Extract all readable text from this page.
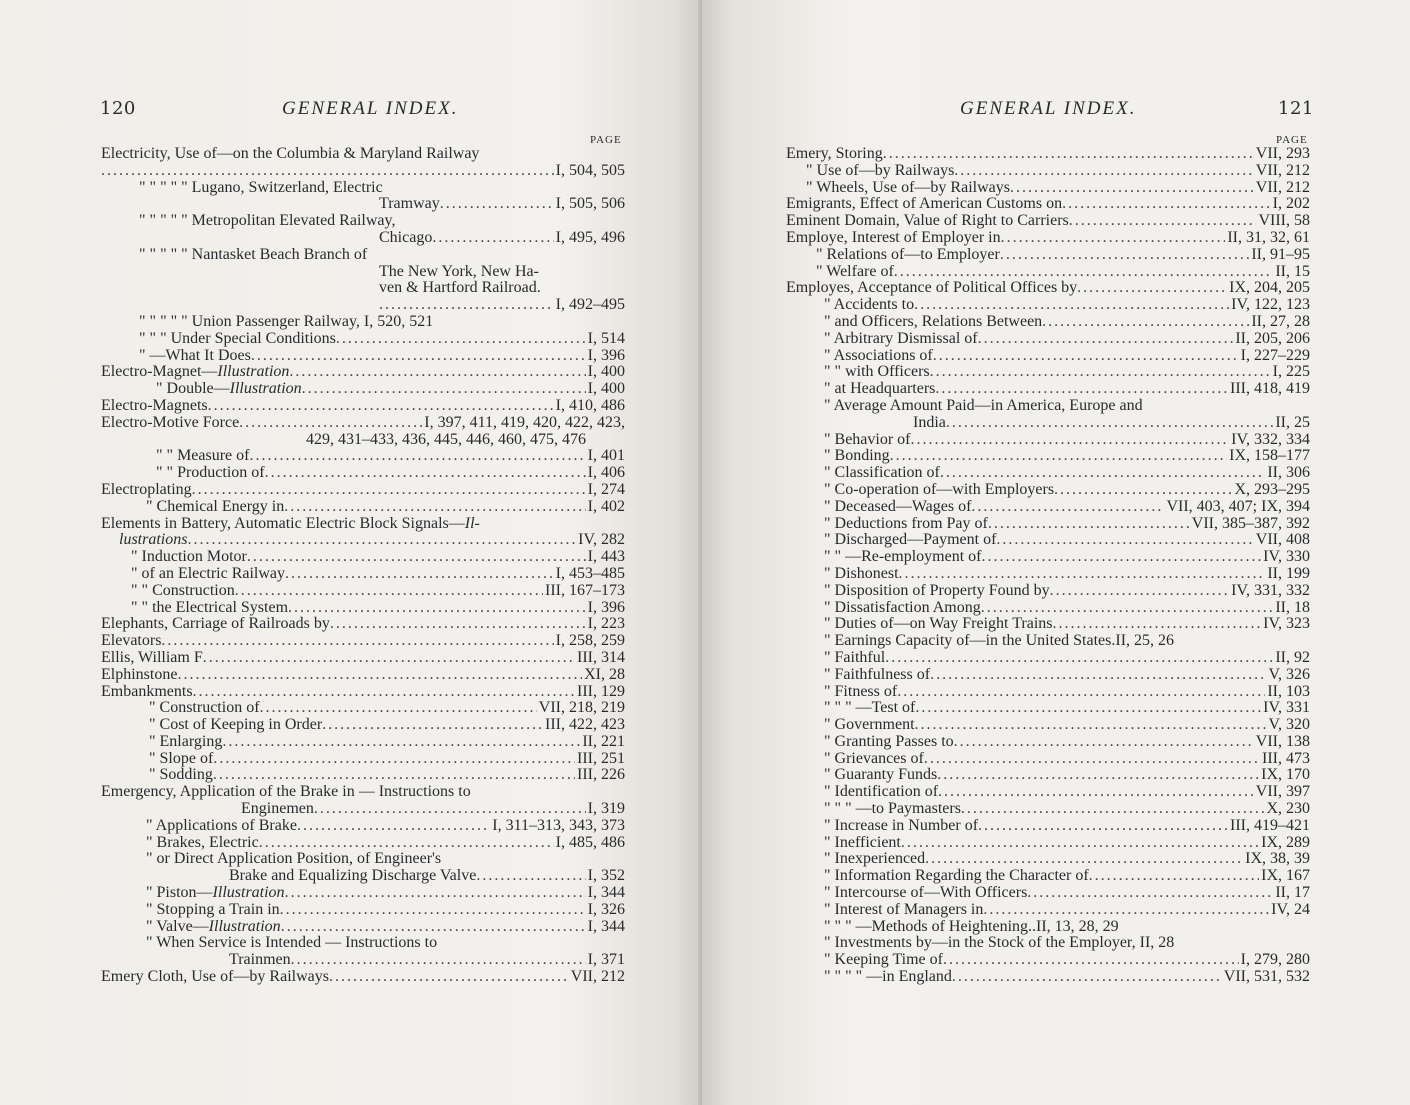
120	GENERAL INDEX.
PAGE
Electricity, Use of—on the Columbia & Maryland Railway
. . .
I, 504, 505
" " " " " Lugano, Switzerland, Electric
Tramway . . .	I, 505, 506
" " " " " Metropolitan Elevated Railway,
Chicago . . .	I, 495, 496
" " " " " Nantasket Beach Branch of
The New York, New Ha-
ven & Hartford Railroad.
. . .
I, 492–495
" " " " " Union Passenger Railway, I, 520, 521
" " " Under Special Conditions . . .	I, 514
" —What It Does . . .	I, 396
Electro-Magnet— Illustration . . .	I, 400
" Double— Illustration . . .	I, 400
Electro-Magnets . . .	I, 410, 486
Electro-Motive Force . . .	I, 397, 411, 419, 420, 422, 423,
429, 431–433, 436, 445, 446, 460, 475, 476
" " Measure of . . .	I, 401
" " Production of . . .	I, 406
Electroplating . . .	I, 274
" Chemical Energy in . . .	I, 402
Elements in Battery, Automatic Electric Block Signals—Il-
lustrations . . .	IV, 282
" Induction Motor . . .	I, 443
" of an Electric Railway . . .	I, 453–485
" " Construction . . .	III, 167–173
" " the Electrical System . . .	I, 396
Elephants, Carriage of Railroads by . . .	I, 223
Elevators . . .	I, 258, 259
Ellis, William F . . .	III, 314
Elphinstone . . .	XI, 28
Embankments . . .	III, 129
" Construction of . . .	VII, 218, 219
" Cost of Keeping in Order . . .	III, 422, 423
" Enlarging . . .	II, 221
" Slope of . . .	III, 251
" Sodding . . .	III, 226
Emergency, Application of the Brake in — Instructions to
Enginemen . . .	I, 319
" Applications of Brake . . .	I, 311–313, 343, 373
" Brakes, Electric . . .	I, 485, 486
" or Direct Application Position, of Engineer's
Brake and Equalizing Discharge Valve . . .	I, 352
" Piston— Illustration . . .	I, 344
" Stopping a Train in . . .	I, 326
" Valve— Illustration . . .	I, 344
" When Service is Intended — Instructions to
Trainmen . . .	I, 371
Emery Cloth, Use of—by Railways . . .	VII, 212
GENERAL INDEX.	121
PAGE
Emery, Storing . . .	VII, 293
" Use of—by Railways . . .	VII, 212
" Wheels, Use of—by Railways . . .	VII, 212
Emigrants, Effect of American Customs on . . .	I, 202
Eminent Domain, Value of Right to Carriers . . .	VIII, 58
Employe, Interest of Employer in . . .	II, 31, 32, 61
" Relations of—to Employer . . .	II, 91–95
" Welfare of . . .	II, 15
Employes, Acceptance of Political Offices by . . .	IX, 204, 205
" Accidents to . . .	IV, 122, 123
" and Officers, Relations Between . . .	II, 27, 28
" Arbitrary Dismissal of . . .	II, 205, 206
" Associations of . . .	I, 227–229
" " with Officers . . .	I, 225
" at Headquarters . . .	III, 418, 419
" Average Amount Paid—in America, Europe and
India . . .	II, 25
" Behavior of . . .	IV, 332, 334
" Bonding . . .	IX, 158–177
" Classification of . . .	II, 306
" Co-operation of—with Employers . . .	X, 293–295
" Deceased—Wages of . . .	VII, 403, 407; IX, 394
" Deductions from Pay of . . .	VII, 385–387, 392
" Discharged—Payment of . . .	VII, 408
" " —Re-employment of . . .	IV, 330
" Dishonest . . .	II, 199
" Disposition of Property Found by . . .	IV, 331, 332
" Dissatisfaction Among . . .	II, 18
" Duties of—on Way Freight Trains . . .	IV, 323
" Earnings Capacity of—in the United States.II, 25, 26
" Faithful . . .	II, 92
" Faithfulness of . . .	V, 326
" Fitness of . . .	II, 103
" " " —Test of . . .	IV, 331
" Government . . .	V, 320
" Granting Passes to . . .	VII, 138
" Grievances of . . .	III, 473
" Guaranty Funds . . .	IX, 170
" Identification of . . .	VII, 397
" " " —to Paymasters . . .	X, 230
" Increase in Number of . . .	III, 419–421
" Inefficient . . .	IX, 289
" Inexperienced . . .	IX, 38, 39
" Information Regarding the Character of . . .	IX, 167
" Intercourse of—With Officers . . .	II, 17
" Interest of Managers in . . .	IV, 24
" " " —Methods of Heightening..II, 13, 28, 29
" Investments by—in the Stock of the Employer, II, 28
" Keeping Time of . . .	I, 279, 280
" " " " —in England . . .	VII, 531, 532
